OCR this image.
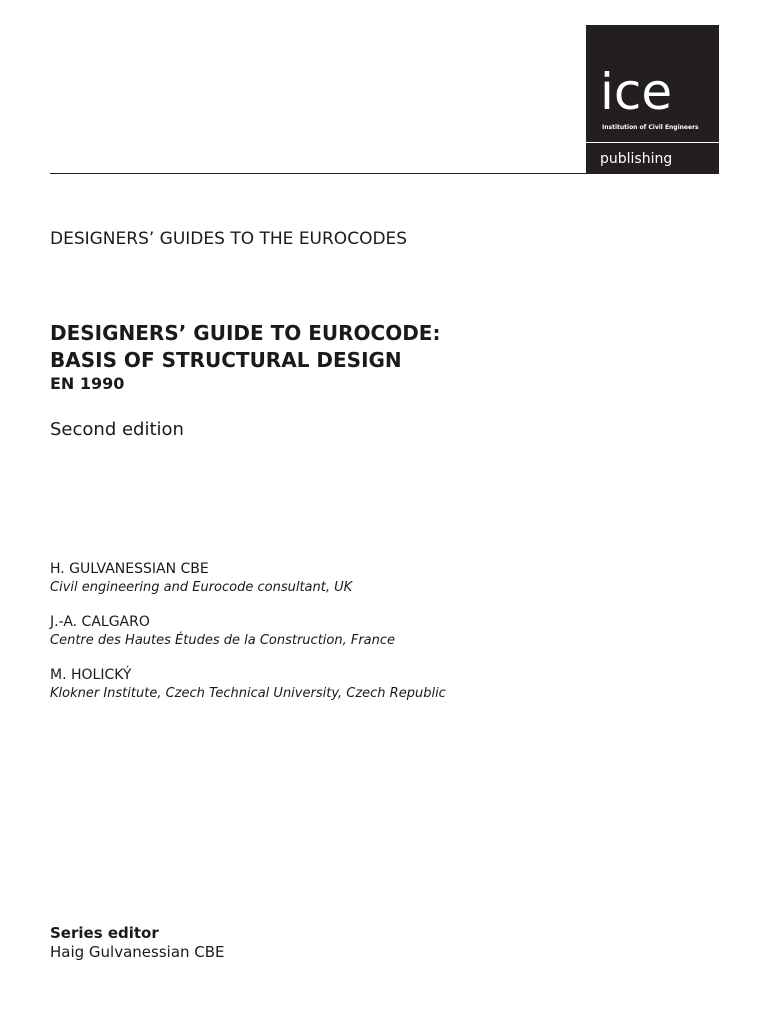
ice
Institution of Civil Engineers
publishing
DESIGNERS’ GUIDES TO THE EUROCODES
DESIGNERS’ GUIDE TO EUROCODE:
BASIS OF STRUCTURAL DESIGN
EN 1990
Second edition
H. GULVANESSIAN CBE
Civil engineering and Eurocode consultant, UK
J.-A. CALGARO
Centre des Hautes Études de la Construction, France
M. HOLICKÝ
Klokner Institute, Czech Technical University, Czech Republic
Series editor
Haig Gulvanessian CBE
